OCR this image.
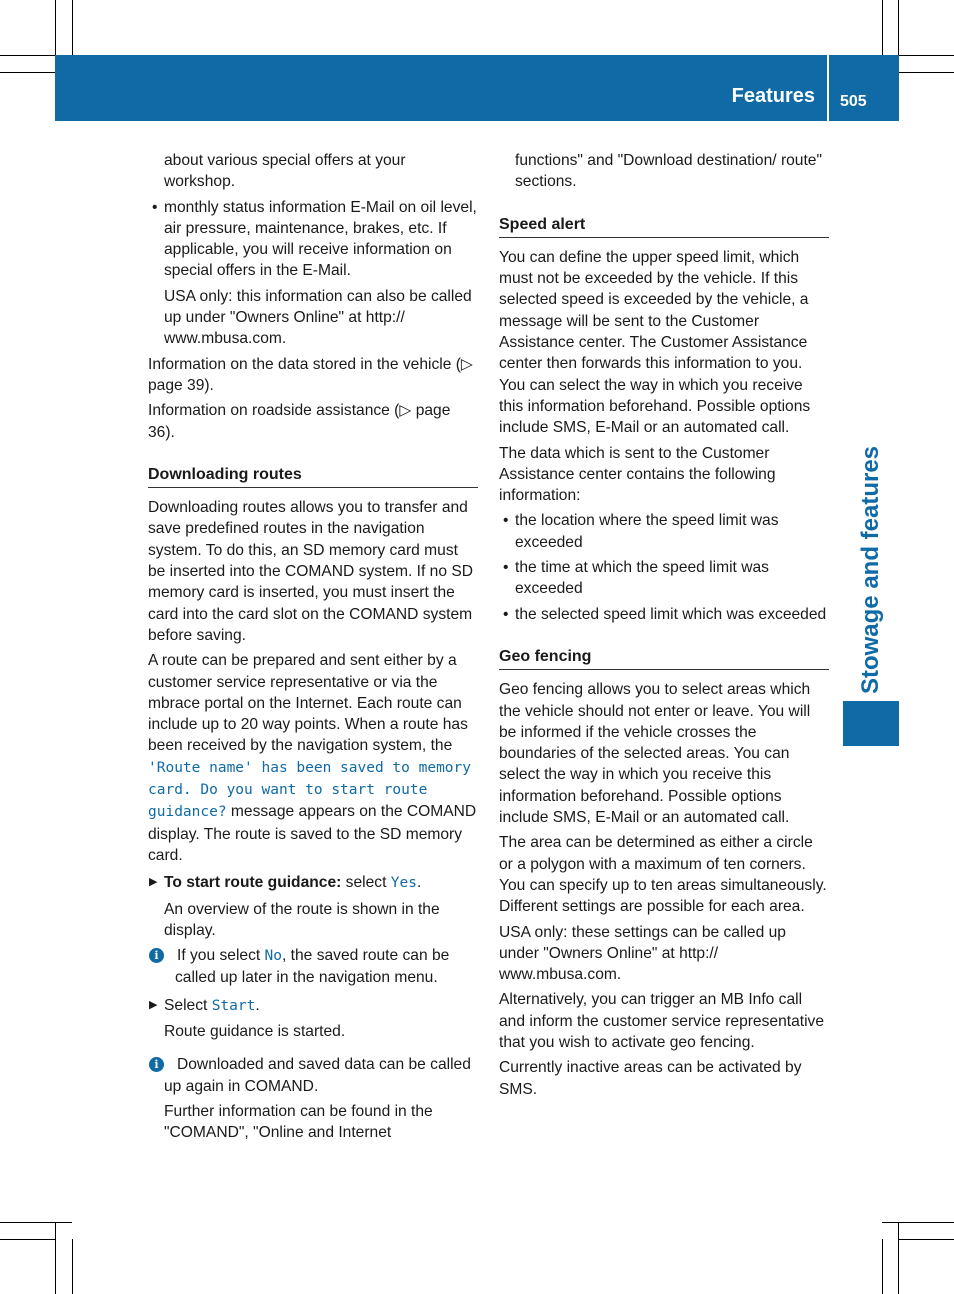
Features 505
Stowage and features

about various special offers at your workshop.

• monthly status information E-Mail on oil level, air pressure, maintenance, brakes, etc. If applicable, you will receive information on special offers in the E-Mail.

USA only: this information can also be called up under "Owners Online" at http:// www.mbusa.com.

Information on the data stored in the vehicle (▷ page 39).

Information on roadside assistance (▷ page 36).

Downloading routes

Downloading routes allows you to transfer and save predefined routes in the navigation system. To do this, an SD memory card must be inserted into the COMAND system. If no SD memory card is inserted, you must insert the card into the card slot on the COMAND system before saving.

A route can be prepared and sent either by a customer service representative or via the mbrace portal on the Internet. Each route can include up to 20 way points. When a route has been received by the navigation system, the 'Route name' has been saved to memory card. Do you want to start route guidance? message appears on the COMAND display. The route is saved to the SD memory card.

▶ To start route guidance: select Yes.

An overview of the route is shown in the display.

i	If you select No, the saved route can be called up later in the navigation menu.

▶ Select Start.

Route guidance is started.

i	Downloaded and saved data can be called up again in COMAND.

Further information can be found in the "COMAND", "Online and Internet

functions" and "Download destination/ route" sections.

Speed alert

You can define the upper speed limit, which must not be exceeded by the vehicle. If this selected speed is exceeded by the vehicle, a message will be sent to the Customer Assistance center. The Customer Assistance center then forwards this information to you. You can select the way in which you receive this information beforehand. Possible options include SMS, E-Mail or an automated call.

The data which is sent to the Customer Assistance center contains the following information:

• the location where the speed limit was exceeded

• the time at which the speed limit was exceeded

• the selected speed limit which was exceeded

Geo fencing

Geo fencing allows you to select areas which the vehicle should not enter or leave. You will be informed if the vehicle crosses the boundaries of the selected areas. You can select the way in which you receive this information beforehand. Possible options include SMS, E-Mail or an automated call.

The area can be determined as either a circle or a polygon with a maximum of ten corners. You can specify up to ten areas simultaneously. Different settings are possible for each area.

USA only: these settings can be called up under "Owners Online" at http:// www.mbusa.com.

Alternatively, you can trigger an MB Info call and inform the customer service representative that you wish to activate geo fencing.

Currently inactive areas can be activated by SMS.
